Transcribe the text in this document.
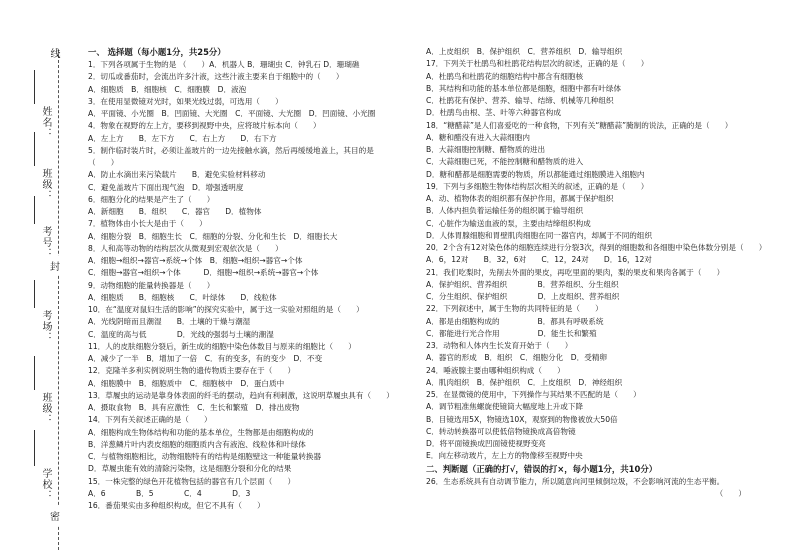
线
姓名：
班级：
封
考号：
考场：
班级：
学校：
密
一、 选择题（每小题1分，共25分）
1．下列各项属于生物的是 （　　）A．机器人 B．珊瑚虫 C．钟乳石 D．珊瑚礁
2．切瓜或番茄时，会流出许多汁液，这些汁液主要来自于细胞中的（　　）
A．细胞质　B．细胞核　C．细胞膜　D．液泡
3．在使用显微镜对光时，如果光线过弱，可选用（　　）
A．平面镜、小光圈　B．凹面镜、大光圈　C．平面镜、大光圈　D．凹面镜、小光圈
4．物象在视野的左上方，要移到视野中央，应将玻片标本向（　　）
A．左上方　　B．左下方　　C．右上方　　D．右下方
5．制作临时装片时，必须让盖玻片的一边先接触水滴，然后再缓缓地盖上，其目的是
（　　）
A．防止水滴出来污染载片　　B．避免实验材料移动
C．避免盖玻片下面出现气泡　D．增强透明度
6．细胞分化的结果是产生了（　　）
A．新细胞　　B．组织　　C．器官　　D．植物体
7．植物体由小长大是由于（　　）
A．细胞分裂　B．细胞生长　C．细胞的分裂、分化和生长　D．细胞长大
8．人和高等动物的结构层次从微观到宏观依次是（　　）
A．细胞→组织→器官→系统→个体　B．细胞→组织→器官→个体
C．细胞→器官→组织→个体　　　D．细胞→组织→系统→器官→个体
9．动物细胞的能量转换器是（　　）
A．细胞质　　B．细胞核　　C．叶绿体　　D．线粒体
10．在“温度对鼠妇生活的影响”的探究实验中，属于这一实验对照组的是（　　）
A．光线阴暗而且潮湿　　B．土壤的干燥与潮湿
C．温度的高与低　　　　D．光线的强弱与土壤的潮湿
11．人的皮肤细胞分裂后，新生成的细胞中染色体数目与原来的细胞比（　　）
A．减少了一半　B．增加了一倍　C．有的变多，有的变少　D．不变
12．克隆羊多利实例说明生物的遗传物质主要存在于（　　）
A．细胞膜中　B．细胞质中　C．细胞核中　D．蛋白质中
13．草履虫的运动是靠身体表面的纤毛的摆动，趋向有利刺激，这说明草履虫具有（　　）
A．摄取食物　B．具有应激性　C．生长和繁殖　D．排出废物
14．下列有关叙述正确的是（　　）
A．细胞构成生物体结构和功能的基本单位，生物都是由细胞构成的
B．洋葱鳞片叶内表皮细胞的细胞质内含有液泡、线粒体和叶绿体
C．与植物细胞相比，动物细胞特有的结构是细胞壁这一种能量转换器
D．草履虫能有效的清除污染物，这是细胞分裂和分化的结果
15．一株完整的绿色开花植物包括的器官有几个层面（　　）
A．6　　　　B．5　　　　C．4　　　　D．3
16．番茄果实由多种组织构成，但它不具有（　　）
A．上皮组织　B．保护组织　C．营养组织　D．输导组织
17．下列关于杜鹃鸟和杜鹃花结构层次的叙述，正确的是（　　）
A．杜鹃鸟和杜鹃花的细胞结构中都含有细胞核
B．其结构和功能的基本单位都是细胞，细胞中都有叶绿体
C．杜鹃花有保护、营养、输导、结缔、机械等几种组织
D．杜鹃鸟由根、茎、叶等六种器官构成
18．“糖醋蒜”是人们喜爱吃的一种食物，下列有关“糖醋蒜”腌制的说法，正确的是（　　）
A．糖和醋没有进入大蒜细胞内
B．大蒜细胞控制糖、醋物质的进出
C．大蒜细胞已死，不能控制糖和醋物质的进入
D．糖和醋都是细胞需要的物质，所以都能通过细胞膜进入细胞内
19．下列与多细胞生物体结构层次相关的叙述，正确的是（　　）
A．动、植物体表的组织都有保护作用，都属于保护组织
B．人体内担负着运输任务的组织属于输导组织
C．心脏作为输送血液的泵，主要由结缔组织构成
D．人体胃腺细胞和胃壁肌肉细胞在同一器官内，却属于不同的组织
20．2个含有12对染色体的细胞连续进行分裂3次，得到的细胞数和各细胞中染色体数分别是（　　）
A．6，12对　　B．32，6对　　C．12，24对　　D．16，12对
21．我们吃梨时，先削去外面的果皮，再吃里面的果肉，梨的果皮和果肉各属于（　　）
A．保护组织、营养组织　　　　B．营养组织、分生组织
C．分生组织、保护组织　　　　D．上皮组织、营养组织
22．下列叙述中，属于生物的共同特征的是（　　）
A．都是由细胞构成的　　　　　B．都具有呼吸系统
C．都能进行光合作用　　　　　D．能生长和繁殖
23．动物和人体内生长发育开始于（　　）
A．器官的形成　B．组织　C．细胞分化　D．受精卵
24．唾液腺主要由哪种组织构成（　　）
A．肌肉组织　B．保护组织　C．上皮组织　D．神经组织
25．在显微镜的使用中，下列操作与其结果不匹配的是（　　）
A．调节粗准焦螺旋使镜筒大幅度地上升或下降
B．目镜选用5X，物镜选10X，观察到的物像被放大50倍
C．转动转换器可以使低倍物镜换成高倍物镜
D．将平面镜换成凹面镜使视野变亮
E．向左移动玻片，左上方的物像移至视野中央
二、判断题（正确的打√，错误的打×，每小题1分，共10分）
26．生态系统具有自动调节能力，所以随意向河里倾倒垃圾，不会影响河流的生态平衡。
（　　）
